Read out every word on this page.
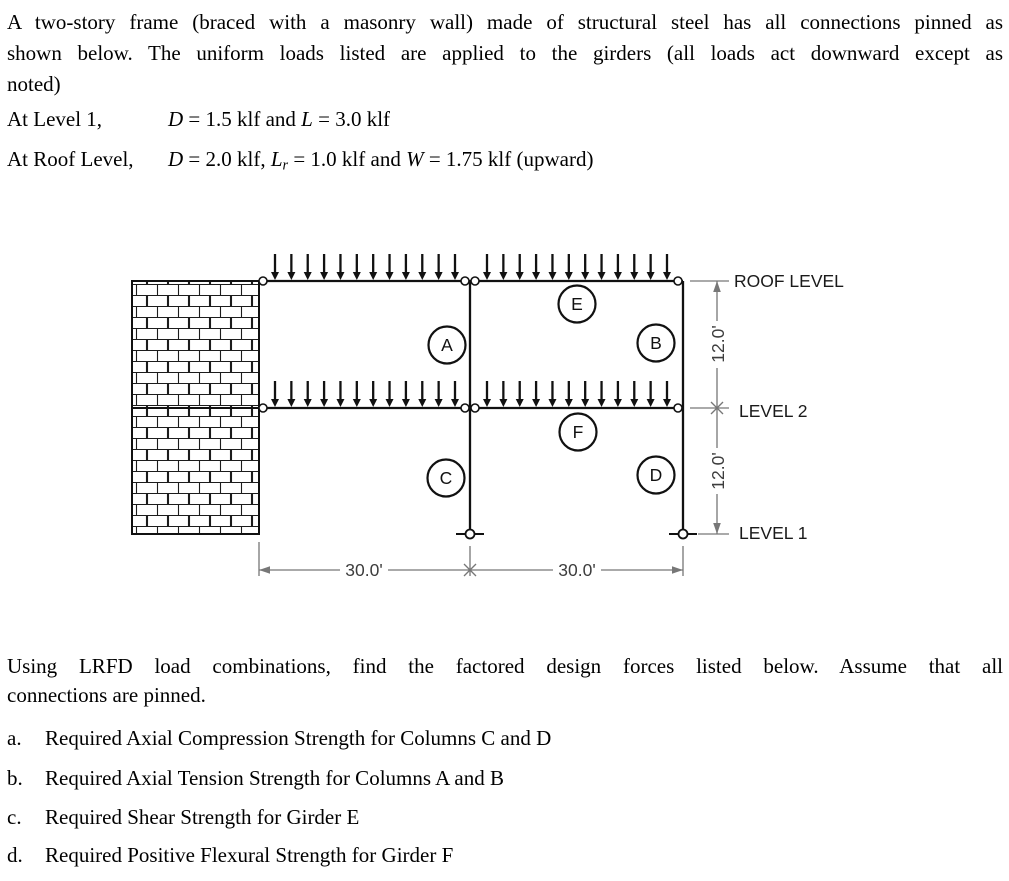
A two-story frame (braced with a masonry wall) made of structural steel has all connections pinned as
shown below. The uniform loads listed are applied to the girders (all loads act downward except as
noted)
At Level 1,	D = 1.5 klf and L = 3.0 klf
At Roof Level, D = 2.0 klf, $L_r = 1.0$ klf and W = 1.75 klf (upward)
A	B
C	D
E
F
12.0'
12.0'
ROOF LEVEL
LEVEL 2
LEVEL 1
30.0'	30.0'
Using LRFD load combinations, find the factored design forces listed below. Assume that all
connections are pinned.
a. Required Axial Compression Strength for Columns C and D
b. Required Axial Tension Strength for Columns A and B
c. Required Shear Strength for Girder E
d. Required Positive Flexural Strength for Girder F
